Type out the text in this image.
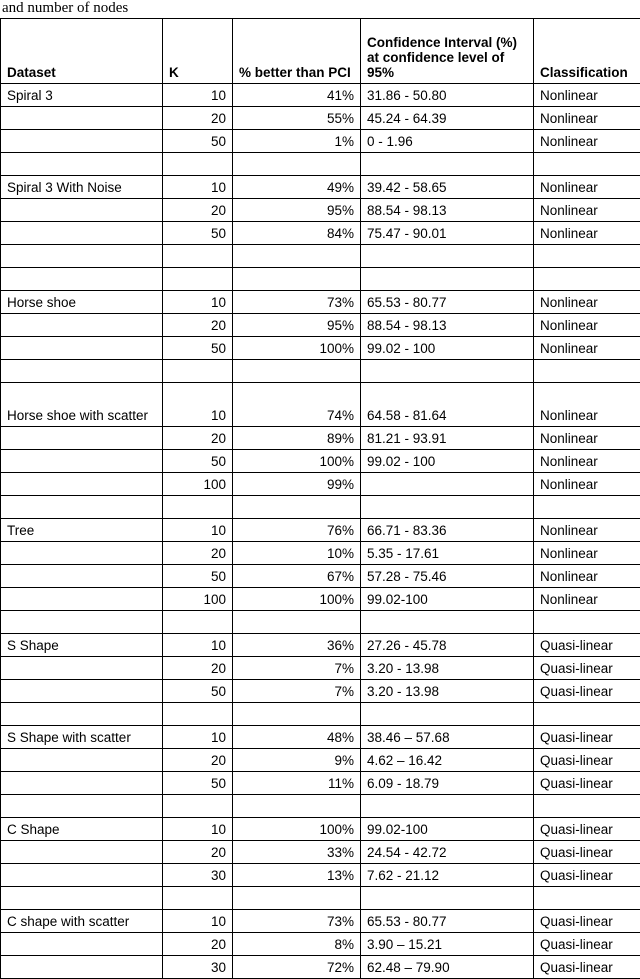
and number of nodes
Dataset	K	% better than PCI	Confidence Interval (%) at confidence level of 95%	Classification
Spiral 3	10	41%	31.86 - 50.80	Nonlinear
	20	55%	45.24 - 64.39	Nonlinear
	50	1%	0 - 1.96	Nonlinear

Spiral 3 With Noise	10	49%	39.42 - 58.65	Nonlinear
	20	95%	88.54 - 98.13	Nonlinear
	50	84%	75.47 - 90.01	Nonlinear

Horse shoe	10	73%	65.53 - 80.77	Nonlinear
	20	95%	88.54 - 98.13	Nonlinear
	50	100%	99.02 - 100	Nonlinear

Horse shoe with scatter	10	74%	64.58 - 81.64	Nonlinear
	20	89%	81.21 - 93.91	Nonlinear
	50	100%	99.02 - 100	Nonlinear
	100	99%		Nonlinear

Tree	10	76%	66.71 - 83.36	Nonlinear
	20	10%	5.35 - 17.61	Nonlinear
	50	67%	57.28 - 75.46	Nonlinear
	100	100%	99.02-100	Nonlinear

S Shape	10	36%	27.26 - 45.78	Quasi-linear
	20	7%	3.20 - 13.98	Quasi-linear
	50	7%	3.20 - 13.98	Quasi-linear

S Shape with scatter	10	48%	38.46 – 57.68	Quasi-linear
	20	9%	4.62 – 16.42	Quasi-linear
	50	11%	6.09 - 18.79	Quasi-linear

C Shape	10	100%	99.02-100	Quasi-linear
	20	33%	24.54 - 42.72	Quasi-linear
	30	13%	7.62 - 21.12	Quasi-linear

C shape with scatter	10	73%	65.53 - 80.77	Quasi-linear
	20	8%	3.90 – 15.21	Quasi-linear
	30	72%	62.48 – 79.90	Quasi-linear
